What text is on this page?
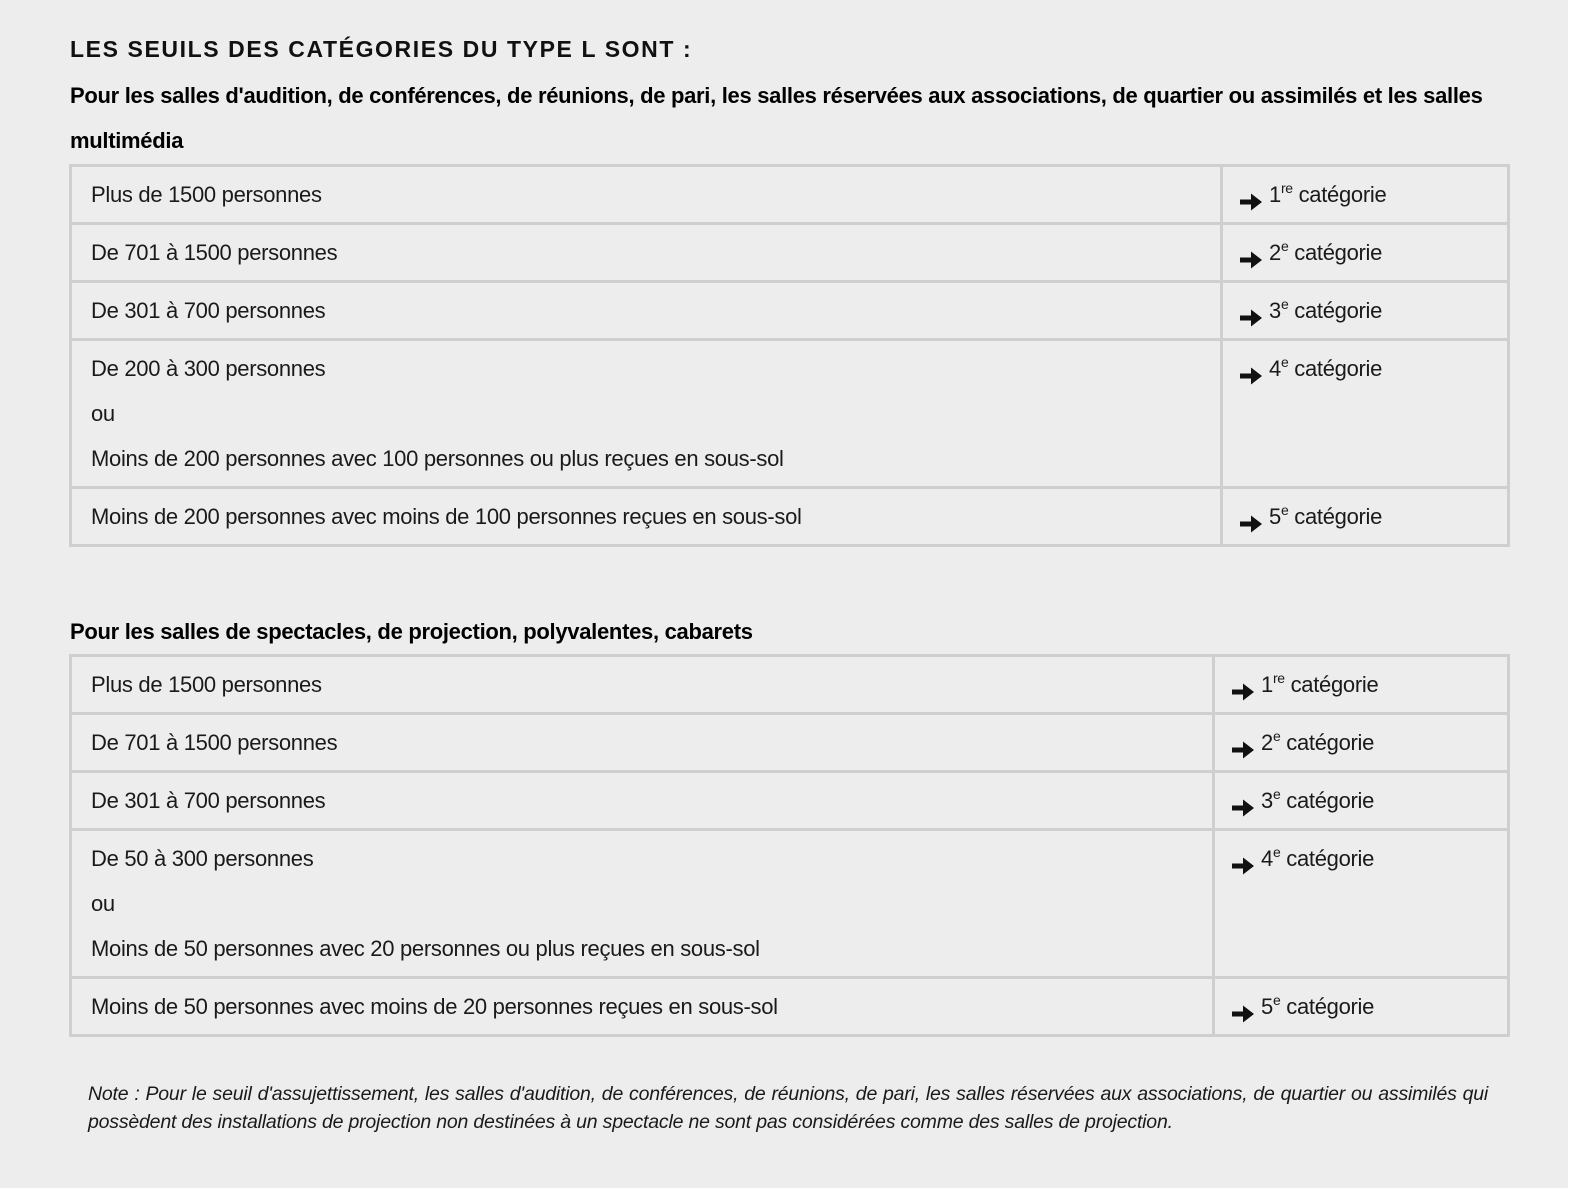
LES SEUILS DES CATÉGORIES DU TYPE L SONT :
Pour les salles d'audition, de conférences, de réunions, de pari, les salles réservées aux associations, de quartier ou assimilés et les salles multimédia
Plus de 1500 personnes	1re catégorie

De 701 à 1500 personnes	2e catégorie

De 301 à 700 personnes	3e catégorie

De 200 à 300 personnes
ou
Moins de 200 personnes avec 100 personnes ou plus reçues en sous-sol	4e catégorie

Moins de 200 personnes avec moins de 100 personnes reçues en sous-sol	5e catégorie
Pour les salles de spectacles, de projection, polyvalentes, cabarets
Plus de 1500 personnes	1re catégorie

De 701 à 1500 personnes	2e catégorie

De 301 à 700 personnes	3e catégorie

De 50 à 300 personnes
ou
Moins de 50 personnes avec 20 personnes ou plus reçues en sous-sol	4e catégorie

Moins de 50 personnes avec moins de 20 personnes reçues en sous-sol	5e catégorie
Note : Pour le seuil d'assujettissement, les salles d'audition, de conférences, de réunions, de pari, les salles réservées aux associations, de quartier ou assimilés qui possèdent des installations de projection non destinées à un spectacle ne sont pas considérées comme des salles de projection.
